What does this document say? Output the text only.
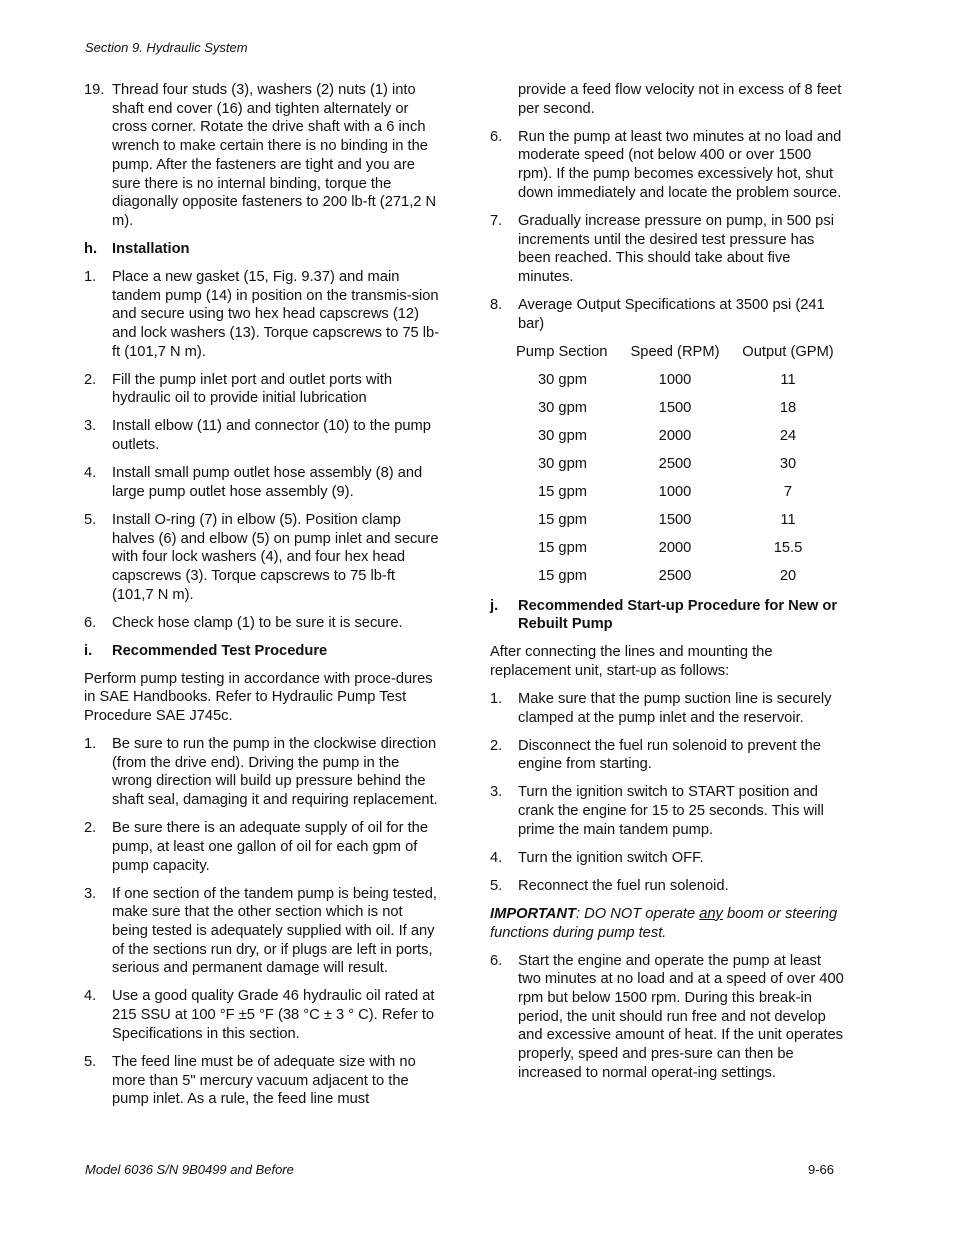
Section 9. Hydraulic System
19. Thread four studs (3), washers (2) nuts (1) into shaft end cover (16) and tighten alternately or cross corner. Rotate the drive shaft with a 6 inch wrench to make certain there is no binding in the pump. After the fasteners are tight and you are sure there is no internal binding, torque the diagonally opposite fasteners to 200 lb-ft (271,2 N m).
h. Installation
1. Place a new gasket (15, Fig. 9.37) and main tandem pump (14) in position on the transmis-sion and secure using two hex head capscrews (12) and lock washers (13). Torque capscrews to 75 lb-ft (101,7 N m).
2. Fill the pump inlet port and outlet ports with hydraulic oil to provide initial lubrication
3. Install elbow (11) and connector (10) to the pump outlets.
4. Install small pump outlet hose assembly (8) and large pump outlet hose assembly (9).
5. Install O-ring (7) in elbow (5). Position clamp halves (6) and elbow (5) on pump inlet and secure with four lock washers (4), and four hex head capscrews (3). Torque capscrews to 75 lb-ft (101,7 N m).
6. Check hose clamp (1) to be sure it is secure.
i. Recommended Test Procedure
Perform pump testing in accordance with proce-dures in SAE Handbooks. Refer to Hydraulic Pump Test Procedure SAE J745c.
1. Be sure to run the pump in the clockwise direction (from the drive end). Driving the pump in the wrong direction will build up pressure behind the shaft seal, damaging it and requiring replacement.
2. Be sure there is an adequate supply of oil for the pump, at least one gallon of oil for each gpm of pump capacity.
3. If one section of the tandem pump is being tested, make sure that the other section which is not being tested is adequately supplied with oil. If any of the sections run dry, or if plugs are left in ports, serious and permanent damage will result.
4. Use a good quality Grade 46 hydraulic oil rated at 215 SSU at 100 °F ±5 °F (38 °C ± 3 ° C). Refer to Specifications in this section.
5. The feed line must be of adequate size with no more than 5" mercury vacuum adjacent to the pump inlet. As a rule, the feed line must
provide a feed flow velocity not in excess of 8 feet per second.
6. Run the pump at least two minutes at no load and moderate speed (not below 400 or over 1500 rpm). If the pump becomes excessively hot, shut down immediately and locate the problem source.
7. Gradually increase pressure on pump, in 500 psi increments until the desired test pressure has been reached. This should take about five minutes.
8. Average Output Specifications at 3500 psi (241 bar)
Pump Section	Speed (RPM)	Output (GPM)
30 gpm	1000	11
30 gpm	1500	18
30 gpm	2000	24
30 gpm	2500	30
15 gpm	1000	7
15 gpm	1500	11
15 gpm	2000	15.5
15 gpm	2500	20
j. Recommended Start-up Procedure for New or Rebuilt Pump
After connecting the lines and mounting the replacement unit, start-up as follows:
1. Make sure that the pump suction line is securely clamped at the pump inlet and the reservoir.
2. Disconnect the fuel run solenoid to prevent the engine from starting.
3. Turn the ignition switch to START position and crank the engine for 15 to 25 seconds. This will prime the main tandem pump.
4. Turn the ignition switch OFF.
5. Reconnect the fuel run solenoid.
IMPORTANT: DO NOT operate any boom or steering functions during pump test.
6. Start the engine and operate the pump at least two minutes at no load and at a speed of over 400 rpm but below 1500 rpm. During this break-in period, the unit should run free and not develop and excessive amount of heat. If the unit operates properly, speed and pres-sure can then be increased to normal operat-ing settings.
Model 6036 S/N 9B0499 and Before	9-66
